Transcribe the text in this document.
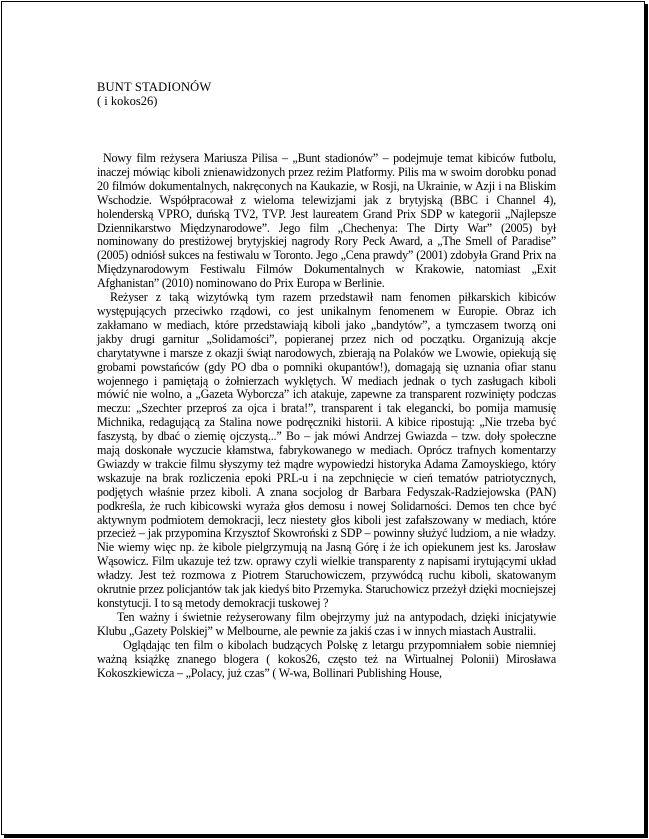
BUNT STADIONÓW
( i kokos26)

Nowy film reżysera Mariusza Pilisa – „Bunt stadionów” – podejmuje temat kibiców futbolu, inaczej mówiąc kiboli znienawidzonych przez reżim Platformy. Pilis ma w swoim dorobku ponad 20 filmów dokumentalnych, nakręconych na Kaukazie, w Rosji, na Ukrainie, w Azji i na Bliskim Wschodzie. Współpracował z wieloma telewizjami jak z brytyjską (BBC i Channel 4), holenderską VPRO, duńską TV2, TVP. Jest laureatem Grand Prix SDP w kategorii „Najlepsze Dziennikarstwo Międzynarodowe”. Jego film „Chechenya: The Dirty War” (2005) był nominowany do prestiżowej brytyjskiej nagrody Rory Peck Award, a „The Smell of Paradise” (2005) odniósł sukces na festiwalu w Toronto. Jego „Cena prawdy” (2001) zdobyła Grand Prix na Międzynarodowym Festiwalu Filmów Dokumentalnych w Krakowie, natomiast „Exit Afghanistan” (2010) nominowano do Prix Europa w Berlinie.

Reżyser z taką wizytówką tym razem przedstawił nam fenomen piłkarskich kibiców występujących przeciwko rządowi, co jest unikalnym fenomenem w Europie. Obraz ich zakłamano w mediach, które przedstawiają kiboli jako „bandytów”, a tymczasem tworzą oni jakby drugi garnitur „Solidamości”, popieranej przez nich od początku. Organizują akcje charytatywne i marsze z okazji świąt narodowych, zbierają na Polaków we Lwowie, opiekują się grobami powstańców (gdy PO dba o pomniki okupantów!), domagają się uznania ofiar stanu wojennego i pamiętają o żołnierzach wyklętych. W mediach jednak o tych zasługach kiboli mówić nie wolno, a „Gazeta Wyborcza” ich atakuje, zapewne za transparent rozwinięty podczas meczu: „Szechter przeproś za ojca i brata!”, transparent i tak elegancki, bo pomija mamusię Michnika, redagującą za Stalina nowe podręczniki historii. A kibice ripostują: „Nie trzeba być faszystą, by dbać o ziemię ojczystą...” Bo – jak mówi Andrzej Gwiazda – tzw. doły społeczne mają doskonałe wyczucie kłamstwa, fabrykowanego w mediach. Oprócz trafnych komentarzy Gwiazdy w trakcie filmu słyszymy też mądre wypowiedzi historyka Adama Zamoyskiego, który wskazuje na brak rozliczenia epoki PRL-u i na zepchnięcie w cień tematów patriotycznych, podjętych właśnie przez kiboli. A znana socjolog dr Barbara Fedyszak-Radziejowska (PAN) podkreśla, że ruch kibicowski wyraża głos demosu i nowej Solidarności. Demos ten chce być aktywnym podmiotem demokracji, lecz niestety głos kiboli jest zafałszowany w mediach, które przecież – jak przypomina Krzysztof Skowroński z SDP – powinny służyć ludziom, a nie władzy. Nie wiemy więc np. że kibole pielgrzymują na Jasną Górę i że ich opiekunem jest ks. Jarosław Wąsowicz. Film ukazuje też tzw. oprawy czyli wielkie transparenty z napisami irytującymi układ władzy. Jest też rozmowa z Piotrem Staruchowiczem, przywódcą ruchu kiboli, skatowanym okrutnie przez policjantów tak jak kiedyś bito Przemyka. Staruchowicz przeżył dzięki mocniejszej konstytucji. I to są metody demokracji tuskowej ?

Ten ważny i świetnie reżyserowany film obejrzymy już na antypodach, dzięki inicjatywie Klubu „Gazety Polskiej” w Melbourne, ale pewnie za jakiś czas i w innych miastach Australii.

Oglądając ten film o kibolach budzących Polskę z letargu przypomniałem sobie niemniej ważną książkę znanego blogera ( kokos26, często też na Wirtualnej Polonii) Mirosława Kokoszkiewicza – „Polacy, już czas” ( W-wa, Bollinari Publishing House,
